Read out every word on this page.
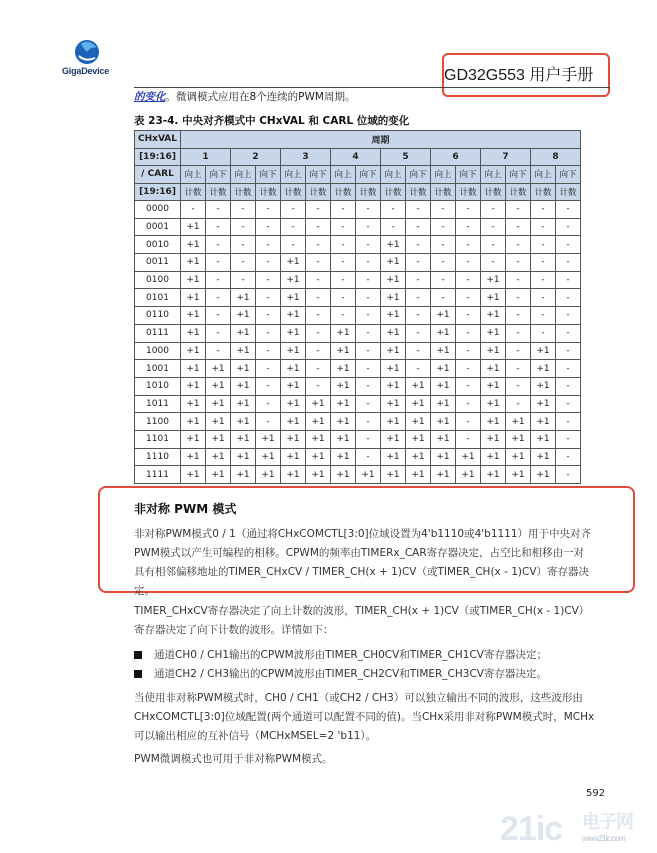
GigaDevice	GD32G553 用户手册
的变化。微调模式应用在8个连续的PWM周期。
表 23-4. 中央对齐模式中 CHxVAL 和 CARL 位域的变化
CHxVAL	周期															
[19:16]	1		2		3		4		5		6		7		8	
/ CARL	向上	向下	向上	向下	向上	向下	向上	向下	向上	向下	向上	向下	向上	向下	向上	向下
[19:16]	计数	计数	计数	计数	计数	计数	计数	计数	计数	计数	计数	计数	计数	计数	计数	计数
0000	-	-	-	-	-	-	-	-	-	-	-	-	-	-	-	-
0001	+1	-	-	-	-	-	-	-	-	-	-	-	-	-	-	-
0010	+1	-	-	-	-	-	-	-	+1	-	-	-	-	-	-	-
0011	+1	-	-	-	+1	-	-	-	+1	-	-	-	-	-	-	-
0100	+1	-	-	-	+1	-	-	-	+1	-	-	-	+1	-	-	-
0101	+1	-	+1	-	+1	-	-	-	+1	-	-	-	+1	-	-	-
0110	+1	-	+1	-	+1	-	-	-	+1	-	+1	-	+1	-	-	-
0111	+1	-	+1	-	+1	-	+1	-	+1	-	+1	-	+1	-	-	-
1000	+1	-	+1	-	+1	-	+1	-	+1	-	+1	-	+1	-	+1	-
1001	+1	+1	+1	-	+1	-	+1	-	+1	-	+1	-	+1	-	+1	-
1010	+1	+1	+1	-	+1	-	+1	-	+1	+1	+1	-	+1	-	+1	-
1011	+1	+1	+1	-	+1	+1	+1	-	+1	+1	+1	-	+1	-	+1	-
1100	+1	+1	+1	-	+1	+1	+1	-	+1	+1	+1	-	+1	+1	+1	-
1101	+1	+1	+1	+1	+1	+1	+1	-	+1	+1	+1	-	+1	+1	+1	-
1110	+1	+1	+1	+1	+1	+1	+1	-	+1	+1	+1	+1	+1	+1	+1	-
1111	+1	+1	+1	+1	+1	+1	+1	+1	+1	+1	+1	+1	+1	+1	+1	-
非对称 PWM 模式
非对称PWM模式0 / 1（通过将CHxCOMCTL[3:0]位域设置为4'b1110或4'b1111）用于中央对齐
PWM模式以产生可编程的相移。CPWM的频率由TIMERx_CAR寄存器决定，占空比和相移由一对
具有相邻偏移地址的TIMER_CHxCV / TIMER_CH(x + 1)CV（或TIMER_CH(x - 1)CV）寄存器决
定。
TIMER_CHxCV寄存器决定了向上计数的波形，TIMER_CH(x + 1)CV（或TIMER_CH(x - 1)CV）
寄存器决定了向下计数的波形。详情如下：
通道CH0 / CH1输出的CPWM波形由TIMER_CH0CV和TIMER_CH1CV寄存器决定；
通道CH2 / CH3输出的CPWM波形由TIMER_CH2CV和TIMER_CH3CV寄存器决定。
当使用非对称PWM模式时，CH0 / CH1（或CH2 / CH3）可以独立输出不同的波形，这些波形由
CHxCOMCTL[3:0]位域配置(两个通道可以配置不同的值)。当CHx采用非对称PWM模式时，MCHx
可以输出相应的互补信号（MCHxMSEL=2 'b11）。
PWM微调模式也可用于非对称PWM模式。
592
21ic 电子网
www.21ic.com
